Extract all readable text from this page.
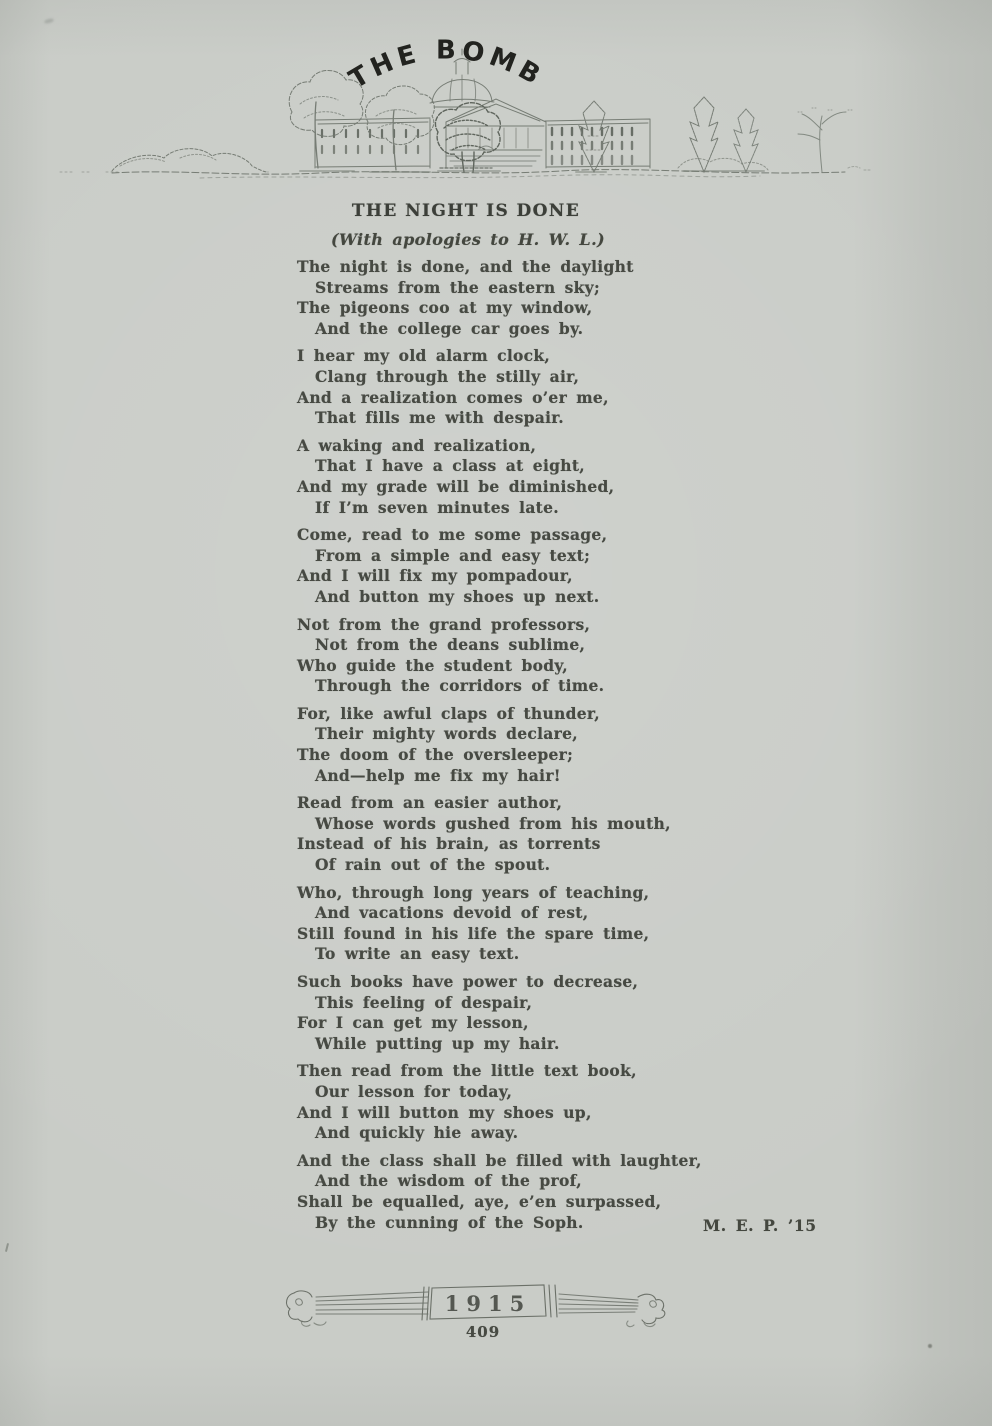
THE BOMB
THE NIGHT IS DONE
(With apologies to H. W. L.)
The night is done, and the daylight
Streams from the eastern sky;
The pigeons coo at my window,
And the college car goes by.
I hear my old alarm clock,
Clang through the stilly air,
And a realization comes o’er me,
That fills me with despair.
A waking and realization,
That I have a class at eight,
And my grade will be diminished,
If I’m seven minutes late.
Come, read to me some passage,
From a simple and easy text;
And I will fix my pompadour,
And button my shoes up next.
Not from the grand professors,
Not from the deans sublime,
Who guide the student body,
Through the corridors of time.
For, like awful claps of thunder,
Their mighty words declare,
The doom of the oversleeper;
And—help me fix my hair!
Read from an easier author,
Whose words gushed from his mouth,
Instead of his brain, as torrents
Of rain out of the spout.
Who, through long years of teaching,
And vacations devoid of rest,
Still found in his life the spare time,
To write an easy text.
Such books have power to decrease,
This feeling of despair,
For I can get my lesson,
While putting up my hair.
Then read from the little text book,
Our lesson for today,
And I will button my shoes up,
And quickly hie away.
And the class shall be filled with laughter,
And the wisdom of the prof,
Shall be equalled, aye, e’en surpassed,
By the cunning of the Soph.	M. E. P. ’15
1915
409
